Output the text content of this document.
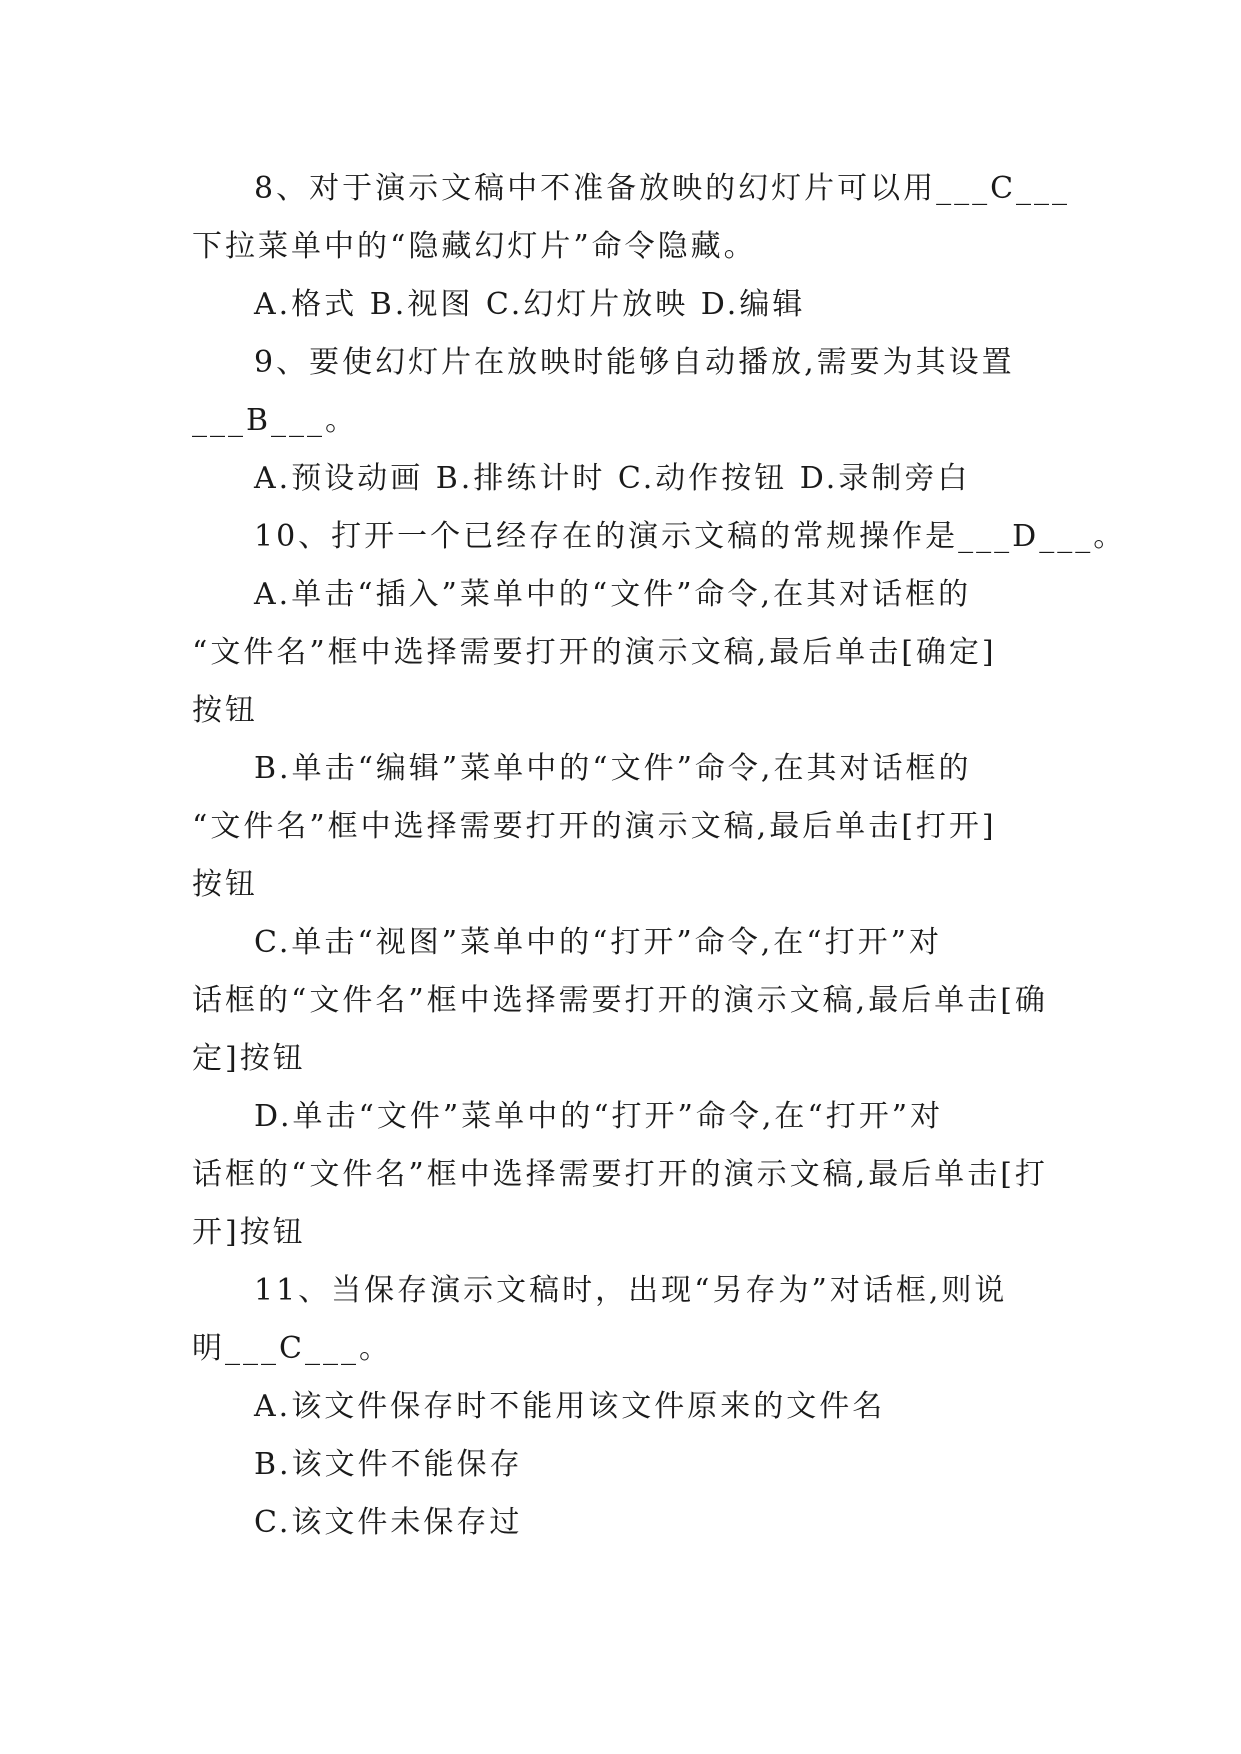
8、对于演示文稿中不准备放映的幻灯片可以用___C___
下拉菜单中的“隐藏幻灯片”命令隐藏。
A.格式 B.视图 C.幻灯片放映 D.编辑
9、要使幻灯片在放映时能够自动播放,需要为其设置
___B___。
A.预设动画 B.排练计时 C.动作按钮 D.录制旁白
10、打开一个已经存在的演示文稿的常规操作是___D___。
A.单击“插入”菜单中的“文件”命令,在其对话框的
“文件名”框中选择需要打开的演示文稿,最后单击[确定]
按钮
B.单击“编辑”菜单中的“文件”命令,在其对话框的
“文件名”框中选择需要打开的演示文稿,最后单击[打开]
按钮
C.单击“视图”菜单中的“打开”命令,在“打开”对
话框的“文件名”框中选择需要打开的演示文稿,最后单击[确
定]按钮
D.单击“文件”菜单中的“打开”命令,在“打开”对
话框的“文件名”框中选择需要打开的演示文稿,最后单击[打
开]按钮
11、当保存演示文稿时，出现“另存为”对话框,则说
明___C___。
A.该文件保存时不能用该文件原来的文件名
B.该文件不能保存
C.该文件未保存过
